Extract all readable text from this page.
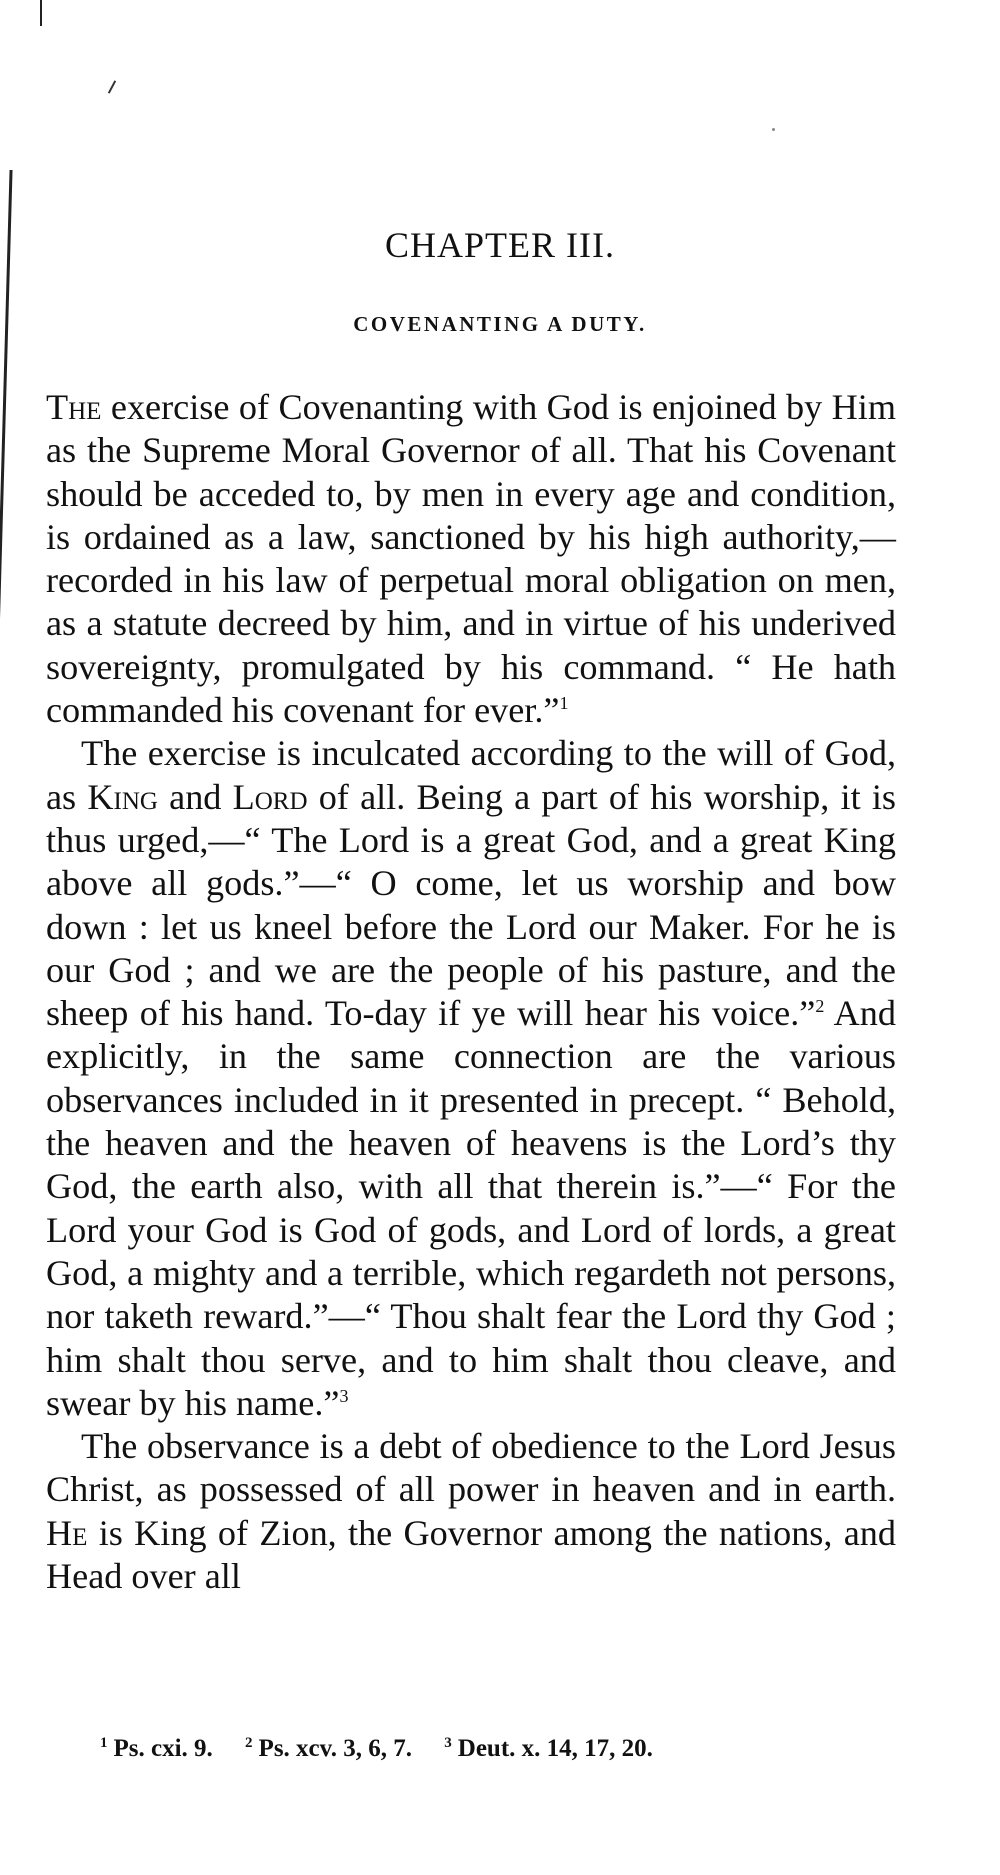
CHAPTER III.
COVENANTING A DUTY.

The exercise of Covenanting with God is enjoined by Him as the Supreme Moral Governor of all. That his Covenant should be acceded to, by men in every age and condition, is ordained as a law, sanctioned by his high authority,—recorded in his law of perpetual moral obligation on men, as a statute decreed by him, and in virtue of his underived sovereignty, promulgated by his command. “ He hath commanded his covenant for ever.”$^1$

The exercise is inculcated according to the will of God, as King and Lord of all. Being a part of his worship, it is thus urged,—“ The Lord is a great God, and a great King above all gods.”—“ O come, let us worship and bow down : let us kneel before the Lord our Maker. For he is our God ; and we are the people of his pasture, and the sheep of his hand. To-day if ye will hear his voice.”$^2$ And explicitly, in the same connection are the various observances included in it presented in precept. “ Behold, the heaven and the heaven of heavens is the Lord’s thy God, the earth also, with all that therein is.”—“ For the Lord your God is God of gods, and Lord of lords, a great God, a mighty and a terrible, which regardeth not persons, nor taketh reward.”—“ Thou shalt fear the Lord thy God ; him shalt thou serve, and to him shalt thou cleave, and swear by his name.”$^3$

The observance is a debt of obedience to the Lord Jesus Christ, as possessed of all power in heaven and in earth. He is King of Zion, the Governor among the nations, and Head over all

$^1$ Ps. cxi. 9. $^2$ Ps. xcv. 3, 6, 7. $^3$ Deut. x. 14, 17, 20.
